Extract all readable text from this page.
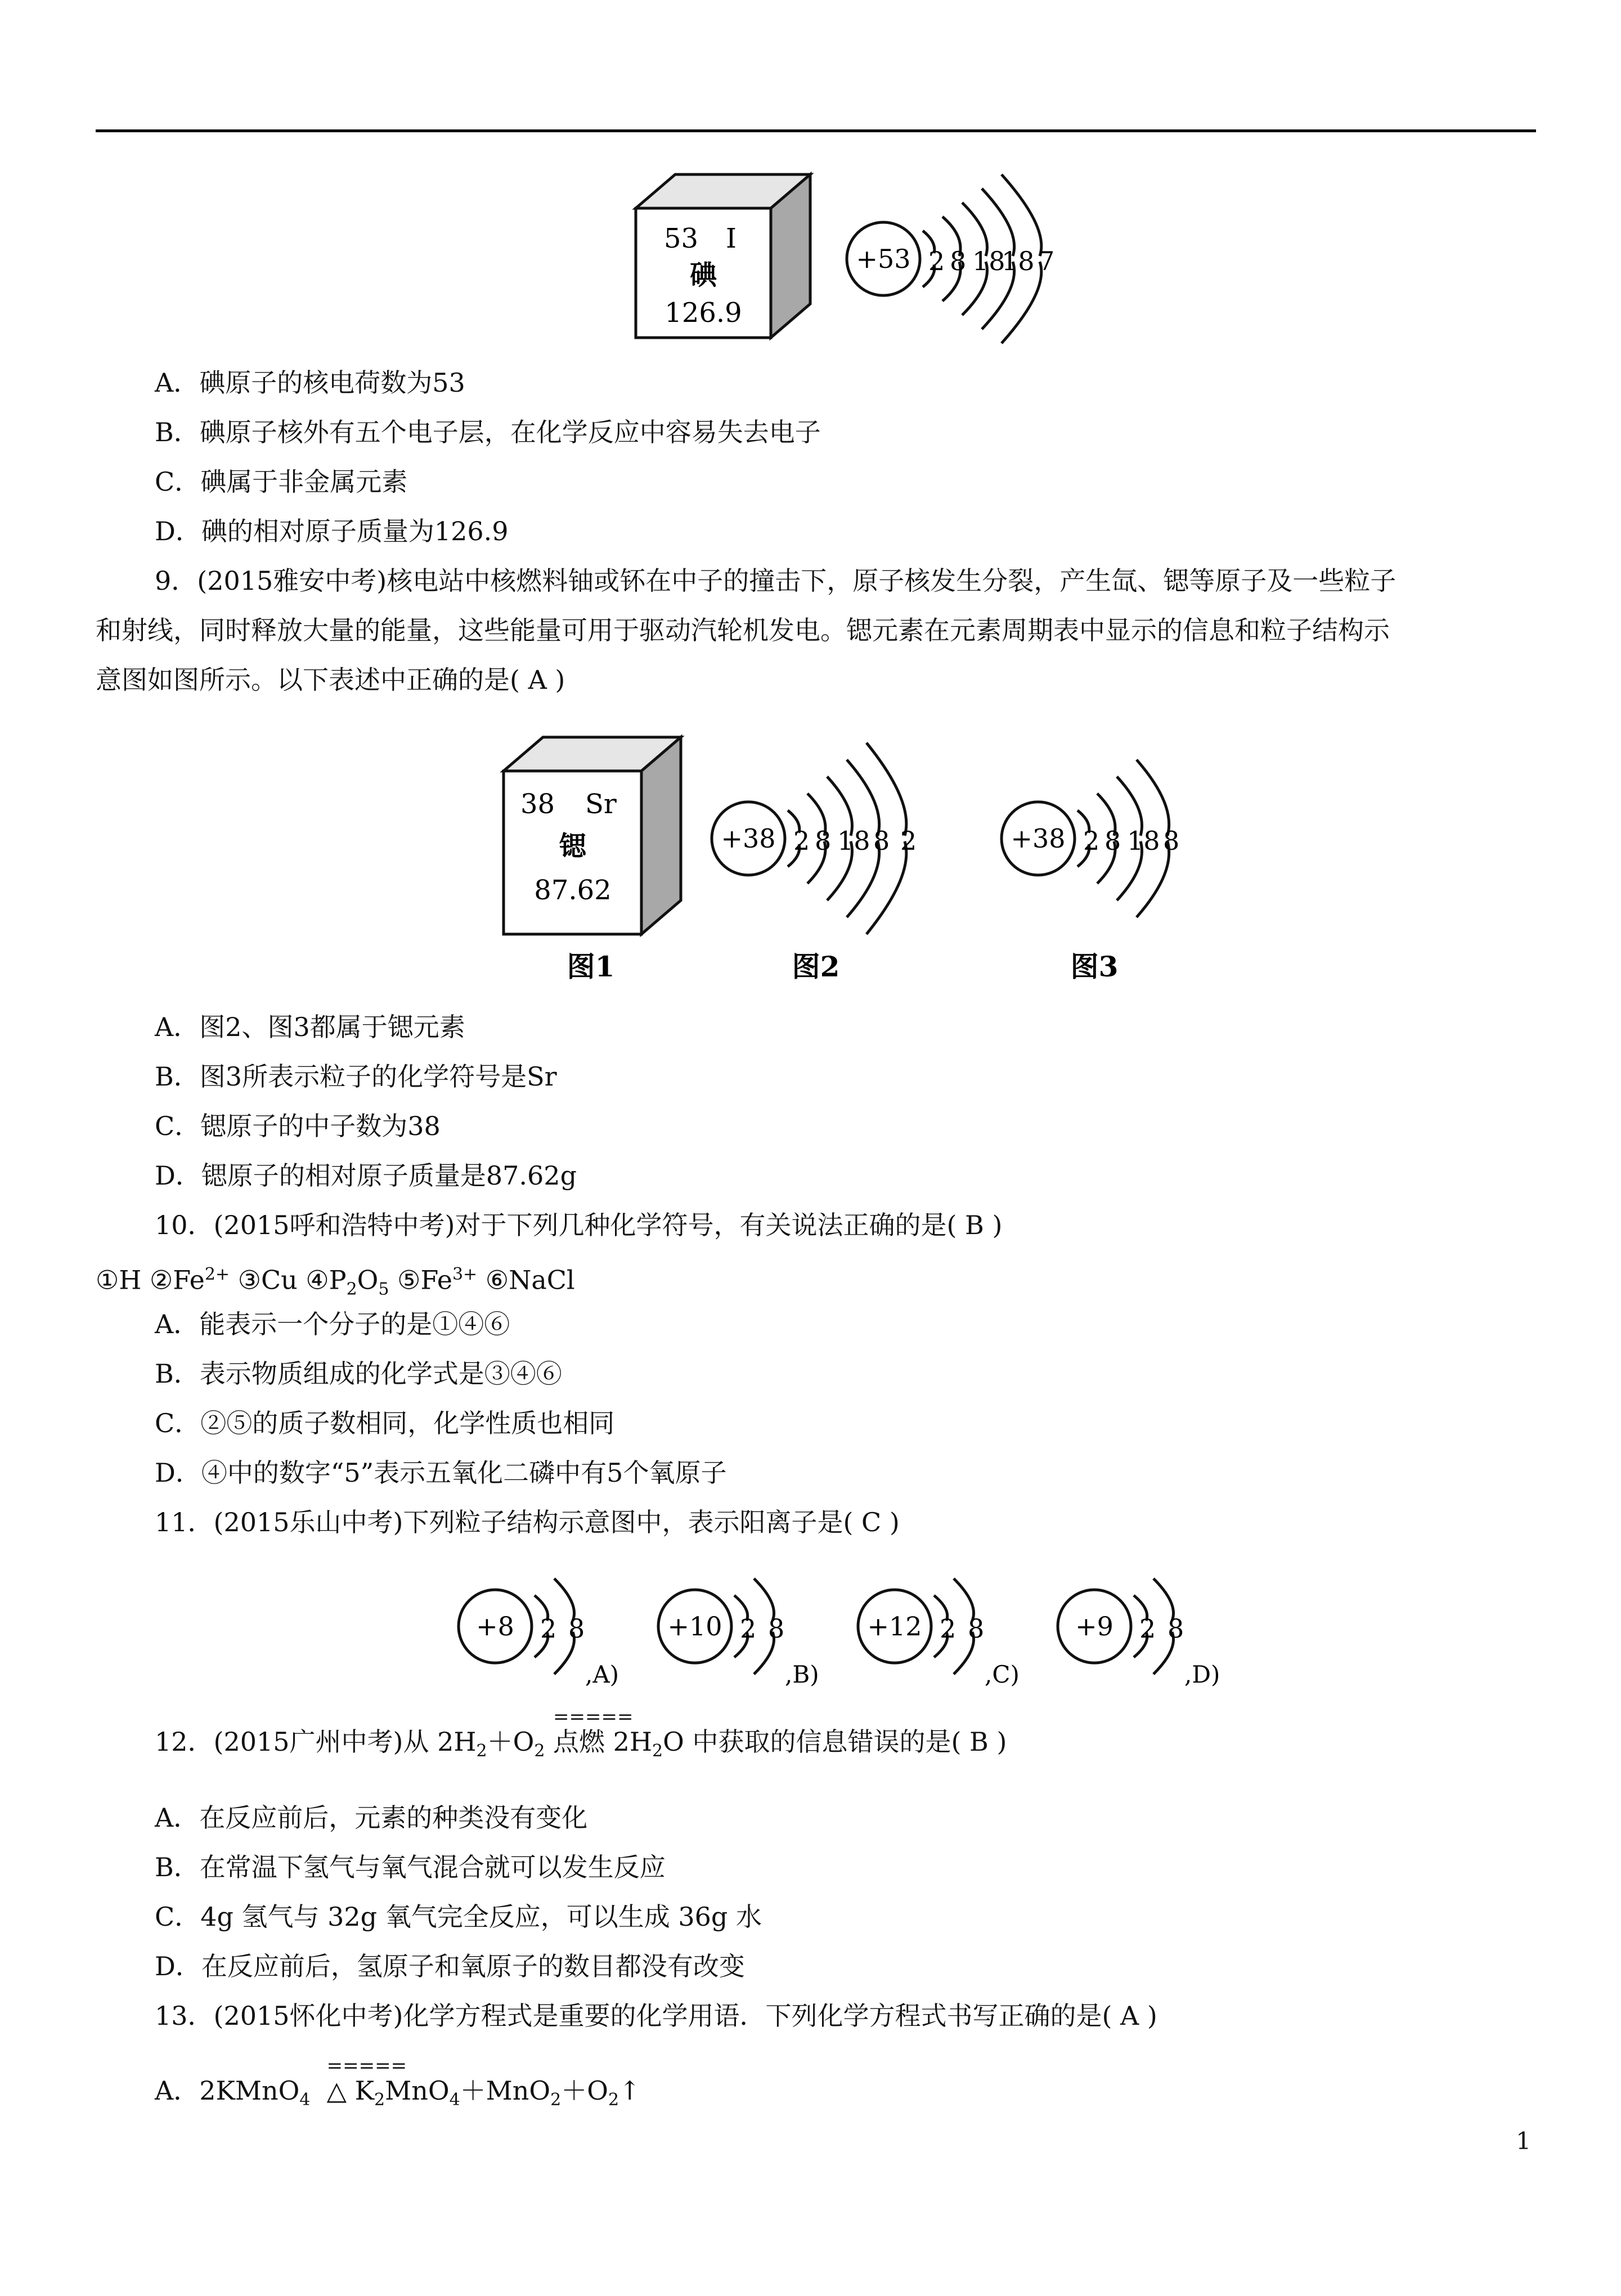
53 I
碘
126.9
+53 2 8 18
18 7
A．碘原子的核电荷数为53
B．碘原子核外有五个电子层，在化学反应中容易失去电子
C．碘属于非金属元素
D．碘的相对原子质量为126.9
9．(2015雅安中考)核电站中核燃料铀或钚在中子的撞击下，原子核发生分裂，产生氙、锶等原子及一些粒子
和射线，同时释放大量的能量，这些能量可用于驱动汽轮机发电。锶元素在元素周期表中显示的信息和粒子结构示
意图如图所示。以下表述中正确的是( A )
38 Sr
锶
87.62
+38 2 8 18 8 2	+38 2 8 18 8
图1	图2	图3
A．图2、图3都属于锶元素
B．图3所表示粒子的化学符号是Sr
C．锶原子的中子数为38
D．锶原子的相对原子质量是87.62g
10．(2015呼和浩特中考)对于下列几种化学符号，有关说法正确的是( B )
①H $②Fe^{2+}$ ③Cu $④P_2O_5$ $⑤Fe^{3+}$ ⑥NaCl
A．能表示一个分子的是①④⑥
B．表示物质组成的化学式是③④⑥
C．②⑤的质子数相同，化学性质也相同
D．④中的数字“5”表示五氧化二磷中有5个氧原子
11．(2015乐山中考)下列粒子结构示意图中，表示阳离子是( C )
+8 2 8
,A)
+10 2 8
,B)
+12 2 8
,C)
+9 2 8
,D)
12．(2015广州中考)从 $2H_2+O_2$
=====
点燃 $2H_2O$ 中获取的信息错误的是( B )
A．在反应前后，元素的种类没有变化
B．在常温下氢气与氧气混合就可以发生反应
C．4g 氢气与 32g 氧气完全反应，可以生成 36g 水
D．在反应前后，氢原子和氧原子的数目都没有改变
13．(2015怀化中考)化学方程式是重要的化学用语．下列化学方程式书写正确的是( A )
A．2KMnO$_4$
=====
△ $K_2MnO_4+MnO_2+O_2↑$
1
